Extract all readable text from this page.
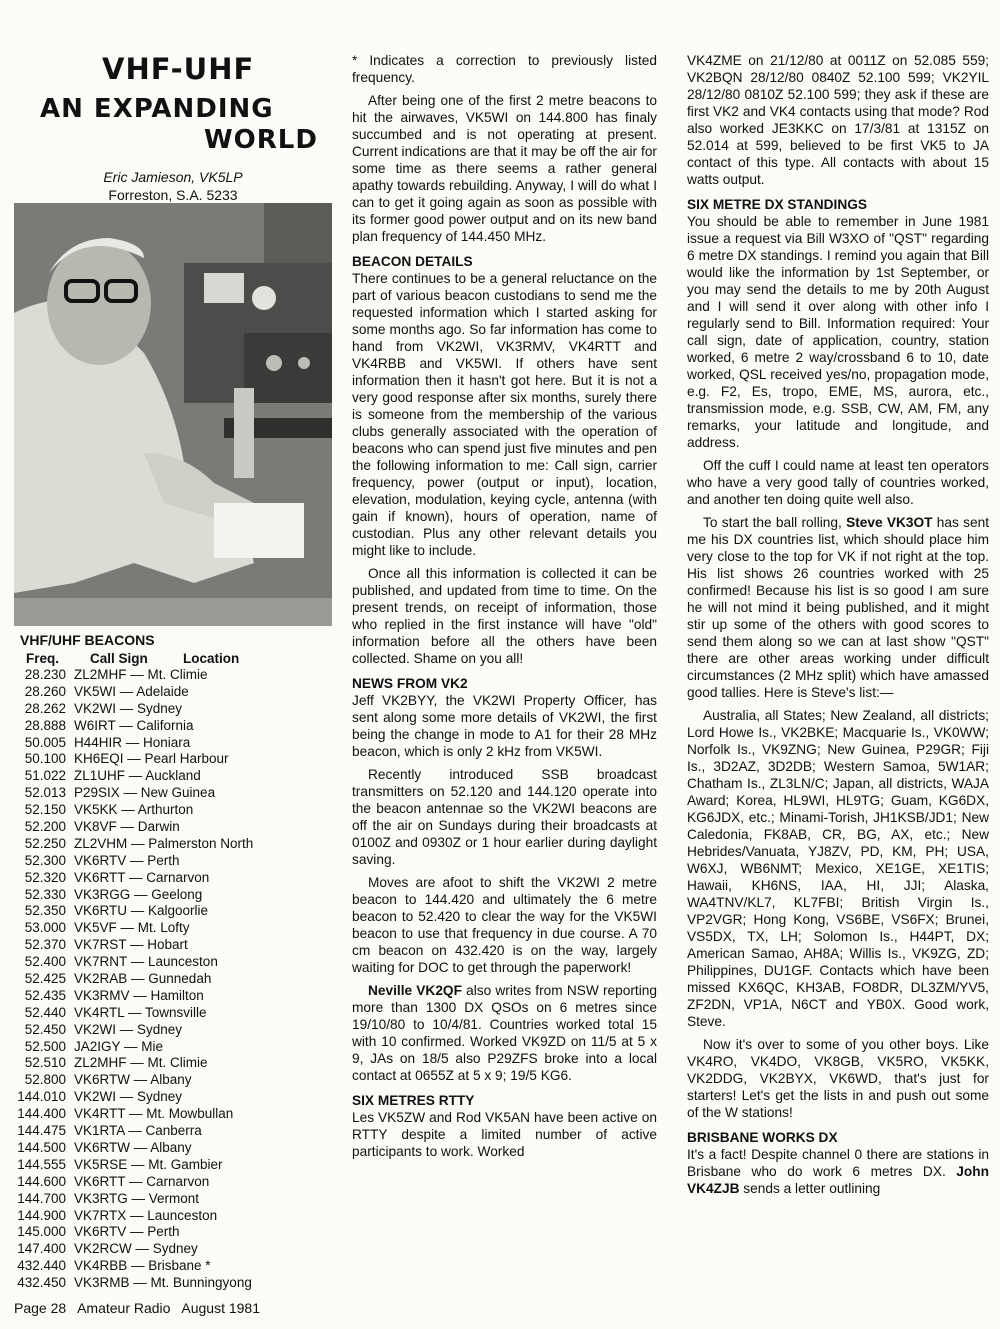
VHF-UHF
AN EXPANDING
WORLD
Eric Jamieson, VK5LP
Forreston, S.A. 5233
VHF/UHF BEACONS
Freq. Call Sign	Location
28.230 ZL2MHF — Mt. Climie
28.260 VK5WI — Adelaide
28.262 VK2WI — Sydney
28.888 W6IRT — California
50.005 H44HIR — Honiara
50.100 KH6EQI — Pearl Harbour
51.022 ZL1UHF — Auckland
52.013 P29SIX — New Guinea
52.150 VK5KK — Arthurton
52.200 VK8VF — Darwin
52.250 ZL2VHM — Palmerston North
52.300 VK6RTV — Perth
52.320 VK6RTT — Carnarvon
52.330 VK3RGG — Geelong
52.350 VK6RTU — Kalgoorlie
53.000 VK5VF — Mt. Lofty
52.370 VK7RST — Hobart
52.400 VK7RNT — Launceston
52.425 VK2RAB — Gunnedah
52.435 VK3RMV — Hamilton
52.440 VK4RTL — Townsville
52.450 VK2WI — Sydney
52.500 JA2IGY — Mie
52.510 ZL2MHF — Mt. Climie
52.800 VK6RTW — Albany
144.010 VK2WI — Sydney
144.400 VK4RTT — Mt. Mowbullan
144.475 VK1RTA — Canberra
144.500 VK6RTW — Albany
144.555 VK5RSE — Mt. Gambier
144.600 VK6RTT — Carnarvon
144.700 VK3RTG — Vermont
144.900 VK7RTX — Launceston
145.000 VK6RTV — Perth
147.400 VK2RCW — Sydney
432.440 VK4RBB — Brisbane *
432.450 VK3RMB — Mt. Bunningyong

* Indicates a correction to previously listed frequency.

After being one of the first 2 metre beacons to hit the airwaves, VK5WI on 144.800 has finaly succumbed and is not operating at present. Current indications are that it may be off the air for some time as there seems a rather general apathy towards rebuilding. Anyway, I will do what I can to get it going again as soon as possible with its former good power output and on its new band plan frequency of 144.450 MHz.

BEACON DETAILS

There continues to be a general reluctance on the part of various beacon custodians to send me the requested information which I started asking for some months ago. So far information has come to hand from VK2WI, VK3RMV, VK4RTT and VK4RBB and VK5WI. If others have sent information then it hasn't got here. But it is not a very good response after six months, surely there is someone from the membership of the various clubs generally associated with the operation of beacons who can spend just five minutes and pen the following information to me: Call sign, carrier frequency, power (output or input), location, elevation, modulation, keying cycle, antenna (with gain if known), hours of operation, name of custodian. Plus any other relevant details you might like to include.

Once all this information is collected it can be published, and updated from time to time. On the present trends, on receipt of information, those who replied in the first instance will have "old" information before all the others have been collected. Shame on you all!

NEWS FROM VK2

Jeff VK2BYY, the VK2WI Property Officer, has sent along some more details of VK2WI, the first being the change in mode to A1 for their 28 MHz beacon, which is only 2 kHz from VK5WI.

Recently introduced SSB broadcast transmitters on 52.120 and 144.120 operate into the beacon antennae so the VK2WI beacons are off the air on Sundays during their broadcasts at 0100Z and 0930Z or 1 hour earlier during daylight saving.

Moves are afoot to shift the VK2WI 2 metre beacon to 144.420 and ultimately the 6 metre beacon to 52.420 to clear the way for the VK5WI beacon to use that frequency in due course. A 70 cm beacon on 432.420 is on the way, largely waiting for DOC to get through the paperwork!

Neville VK2QF also writes from NSW reporting more than 1300 DX QSOs on 6 metres since 19/10/80 to 10/4/81. Countries worked total 15 with 10 confirmed. Worked VK9ZD on 11/5 at 5 x 9, JAs on 18/5 also P29ZFS broke into a local contact at 0655Z at 5 x 9; 19/5 KG6.

SIX METRES RTTY

Les VK5ZW and Rod VK5AN have been active on RTTY despite a limited number of active participants to work. Worked

VK4ZME on 21/12/80 at 0011Z on 52.085 559; VK2BQN 28/12/80 0840Z 52.100 599; VK2YIL 28/12/80 0810Z 52.100 599; they ask if these are first VK2 and VK4 contacts using that mode? Rod also worked JE3KKC on 17/3/81 at 1315Z on 52.014 at 599, believed to be first VK5 to JA contact of this type. All contacts with about 15 watts output.

SIX METRE DX STANDINGS

You should be able to remember in June 1981 issue a request via Bill W3XO of "QST" regarding 6 metre DX standings. I remind you again that Bill would like the information by 1st September, or you may send the details to me by 20th August and I will send it over along with other info I regularly send to Bill. Information required: Your call sign, date of application, country, station worked, 6 metre 2 way/crossband 6 to 10, date worked, QSL received yes/no, propagation mode, e.g. F2, Es, tropo, EME, MS, aurora, etc., transmission mode, e.g. SSB, CW, AM, FM, any remarks, your latitude and longitude, and address.

Off the cuff I could name at least ten operators who have a very good tally of countries worked, and another ten doing quite well also.

To start the ball rolling, Steve VK3OT has sent me his DX countries list, which should place him very close to the top for VK if not right at the top. His list shows 26 countries worked with 25 confirmed! Because his list is so good I am sure he will not mind it being published, and it might stir up some of the others with good scores to send them along so we can at last show "QST" there are other areas working under difficult circumstances (2 MHz split) which have amassed good tallies. Here is Steve's list:—

Australia, all States; New Zealand, all districts; Lord Howe Is., VK2BKE; Macquarie Is., VK0WW; Norfolk Is., VK9ZNG; New Guinea, P29GR; Fiji Is., 3D2AZ, 3D2DB; Western Samoa, 5W1AR; Chatham Is., ZL3LN/C; Japan, all districts, WAJA Award; Korea, HL9WI, HL9TG; Guam, KG6DX, KG6JDX, etc.; Minami-Torish, JH1KSB/JD1; New Caledonia, FK8AB, CR, BG, AX, etc.; New Hebrides/Vanuata, YJ8ZV, PD, KM, PH; USA, W6XJ, WB6NMT; Mexico, XE1GE, XE1TIS; Hawaii, KH6NS, IAA, HI, JJI; Alaska, WA4TNV/KL7, KL7FBI; British Virgin Is., VP2VGR; Hong Kong, VS6BE, VS6FX; Brunei, VS5DX, TX, LH; Solomon Is., H44PT, DX; American Samao, AH8A; Willis Is., VK9ZG, ZD; Philippines, DU1GF. Contacts which have been missed KX6QC, KH3AB, FO8DR, DL3ZM/YV5, ZF2DN, VP1A, N6CT and YB0X. Good work, Steve.

Now it's over to some of you other boys. Like VK4RO, VK4DO, VK8GB, VK5RO, VK5KK, VK2DDG, VK2BYX, VK6WD, that's just for starters! Let's get the lists in and push out some of the W stations!

BRISBANE WORKS DX

It's a fact! Despite channel 0 there are stations in Brisbane who do work 6 metres DX. John VK4ZJB sends a letter outlining

Page 28 Amateur Radio August 1981
